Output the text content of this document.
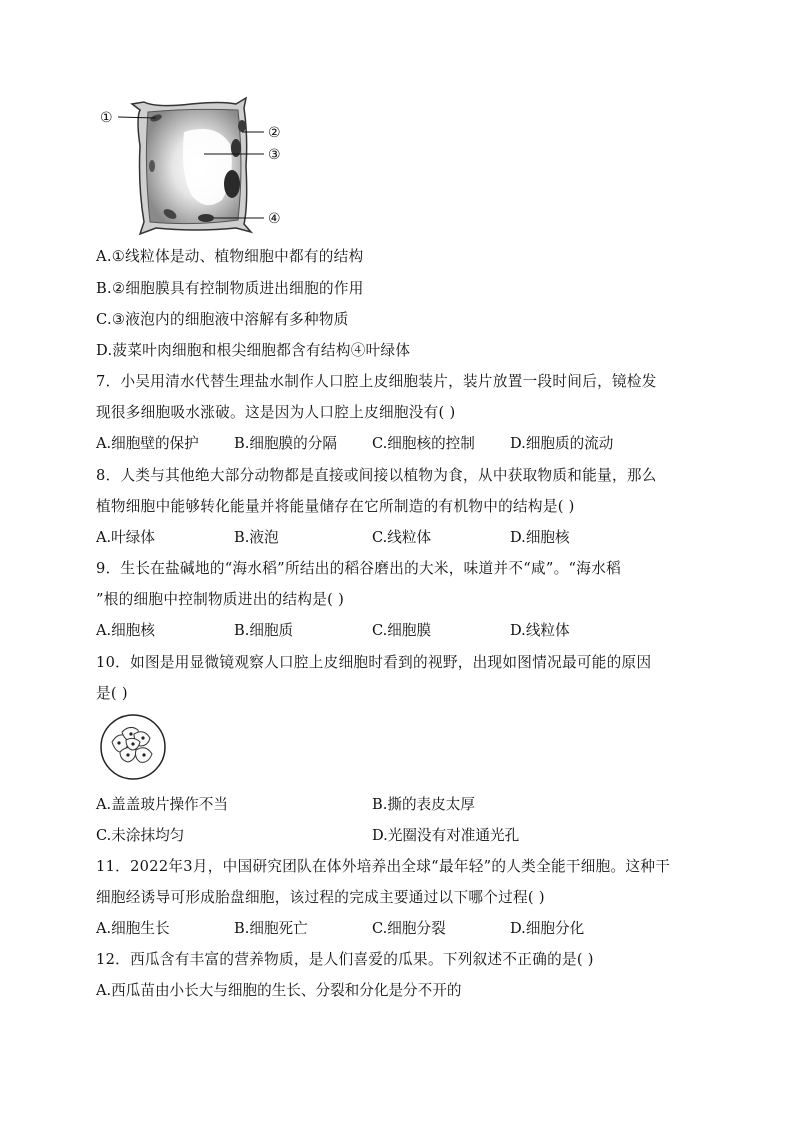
①
②
③
④
A.①线粒体是动、植物细胞中都有的结构
B.②细胞膜具有控制物质进出细胞的作用
C.③液泡内的细胞液中溶解有多种物质
D.菠菜叶肉细胞和根尖细胞都含有结构④叶绿体
7．小吴用清水代替生理盐水制作人口腔上皮细胞装片，装片放置一段时间后，镜检发
现很多细胞吸水涨破。这是因为人口腔上皮细胞没有( )
A.细胞壁的保护 B.细胞膜的分隔 C.细胞核的控制 D.细胞质的流动
8．人类与其他绝大部分动物都是直接或间接以植物为食，从中获取物质和能量，那么
植物细胞中能够转化能量并将能量储存在它所制造的有机物中的结构是( )
A.叶绿体	B.液泡	C.线粒体	D.细胞核
9．生长在盐碱地的“海水稻”所结出的稻谷磨出的大米，味道并不“咸”。“海水稻
”根的细胞中控制物质进出的结构是( )
A.细胞核	B.细胞质	C.细胞膜	D.线粒体
10．如图是用显微镜观察人口腔上皮细胞时看到的视野，出现如图情况最可能的原因
是( )
A.盖盖玻片操作不当	B.撕的表皮太厚
C.未涂抹均匀	D.光圈没有对准通光孔
11．2022年3月，中国研究团队在体外培养出全球“最年轻”的人类全能干细胞。这种干
细胞经诱导可形成胎盘细胞，该过程的完成主要通过以下哪个过程( )
A.细胞生长	B.细胞死亡	C.细胞分裂	D.细胞分化
12．西瓜含有丰富的营养物质，是人们喜爱的瓜果。下列叙述不正确的是( )
A.西瓜苗由小长大与细胞的生长、分裂和分化是分不开的
